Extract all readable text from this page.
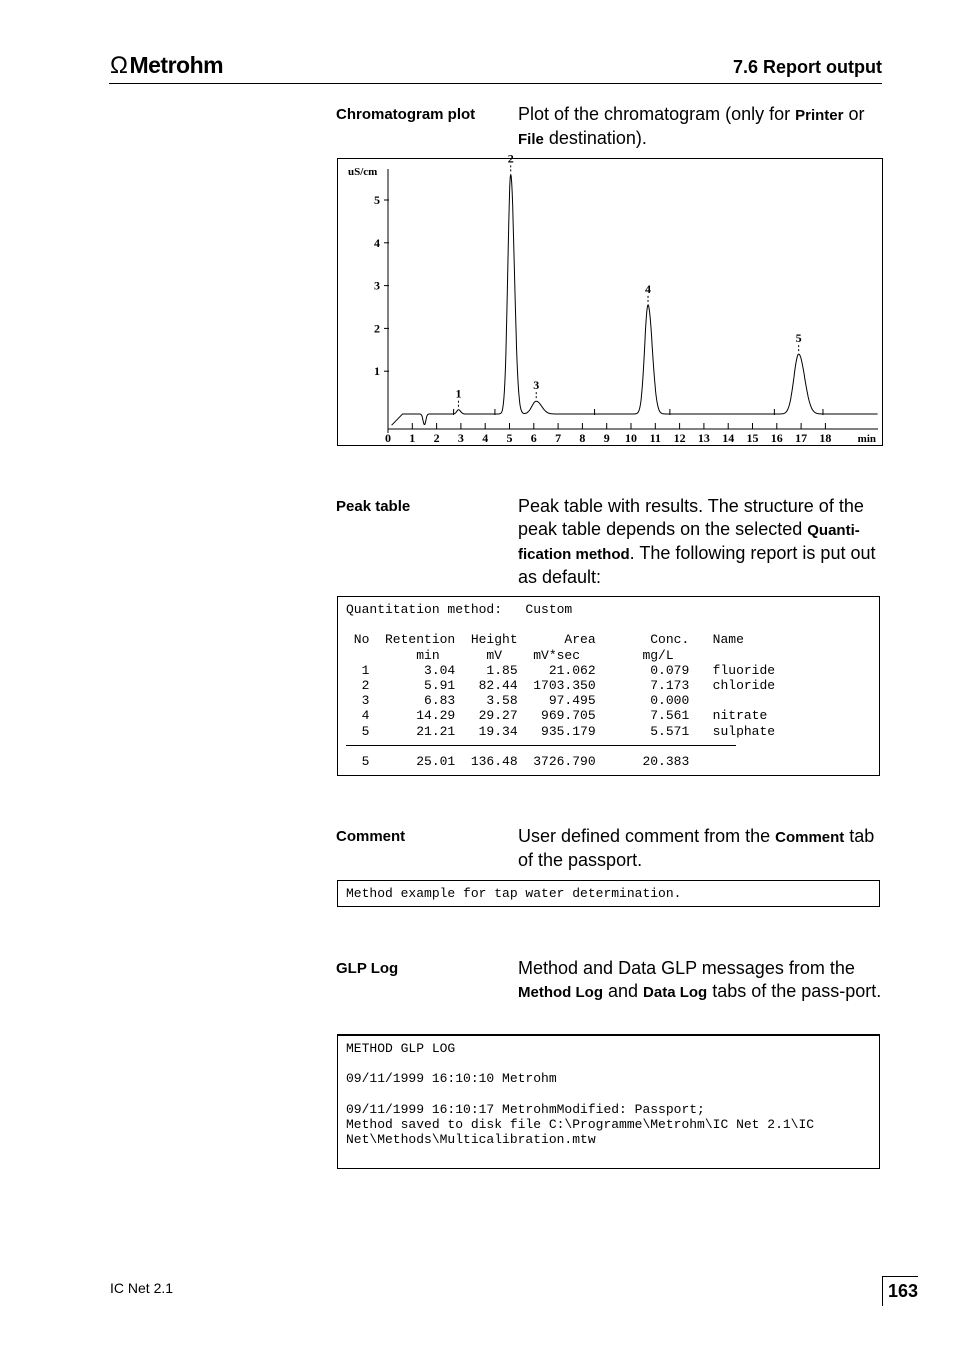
ΩMetrohm	7.6 Report output
Chromatogram plot Plot of the chromatogram (only for Printer or File destination).
uS/cm
1
2
3
4
5
0 1 2 3 4 5 6 7 8 9 10 11 12 13 14 15 16 17 18 min
1
2
3
4
5
Peak table	Peak table with results. The structure of the peak table depends on the selected Quanti-fication method. The following report is put out as default:
Quantitation method:   Custom

No  Retention  Height      Area       Conc.   Name
min      mV    mV*sec        mg/L
1       3.04    1.85    21.062       0.079   fluoride
2       5.91   82.44  1703.350       7.173   chloride
3       6.83    3.58    97.495       0.000
4      14.29   29.27   969.705       7.561   nitrate
5      21.21   19.34   935.179       5.571   sulphate

5      25.01  136.48  3726.790      20.383
Comment	User defined comment from the Comment tab of the passport.
Method example for tap water determination.
GLP Log	Method and Data GLP messages from the Method Log and Data Log tabs of the pass-port.
METHOD GLP LOG

09/11/1999 16:10:10 Metrohm

09/11/1999 16:10:17 MetrohmModified: Passport;
Method saved to disk file C:\Programme\Metrohm\IC Net 2.1\IC
Net\Methods\Multicalibration.mtw
IC Net 2.1	163
